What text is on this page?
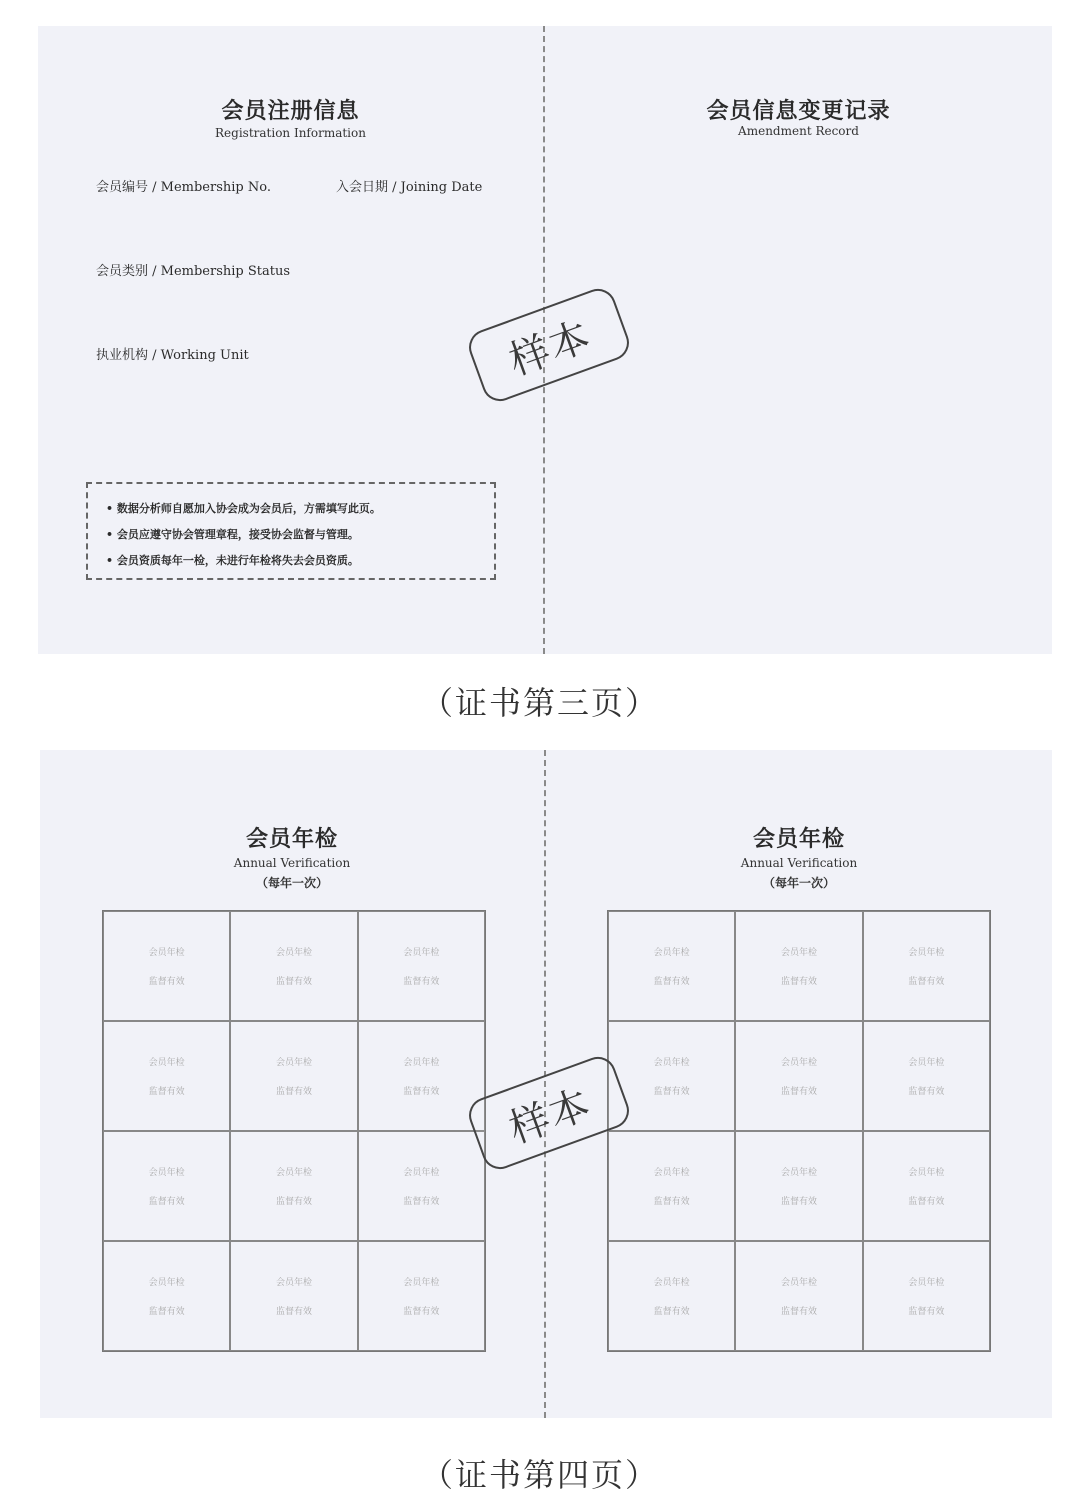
会员注册信息
Registration Information
会员编号 / Membership No.	入会日期 / Joining Date
会员类别 / Membership Status
执业机构 / Working Unit
• 数据分析师自愿加入协会成为会员后，方需填写此页。
• 会员应遵守协会管理章程，接受协会监督与管理。
• 会员资质每年一检，未进行年检将失去会员资质。
会员信息变更记录
Amendment Record
样本
（证书第三页）
会员年检
Annual Verification
（每年一次）
会员年检
Annual Verification
（每年一次）
会员年检
监督有效
会员年检
监督有效
会员年检
监督有效
会员年检
监督有效
会员年检
监督有效
会员年检
监督有效
会员年检
监督有效
会员年检
监督有效
会员年检
监督有效
会员年检
监督有效
会员年检
监督有效
会员年检
监督有效
会员年检
监督有效
会员年检
监督有效
会员年检
监督有效
会员年检
监督有效
会员年检
监督有效
会员年检
监督有效
会员年检
监督有效
会员年检
监督有效
会员年检
监督有效
会员年检
监督有效
会员年检
监督有效
会员年检
监督有效
样本
（证书第四页）
